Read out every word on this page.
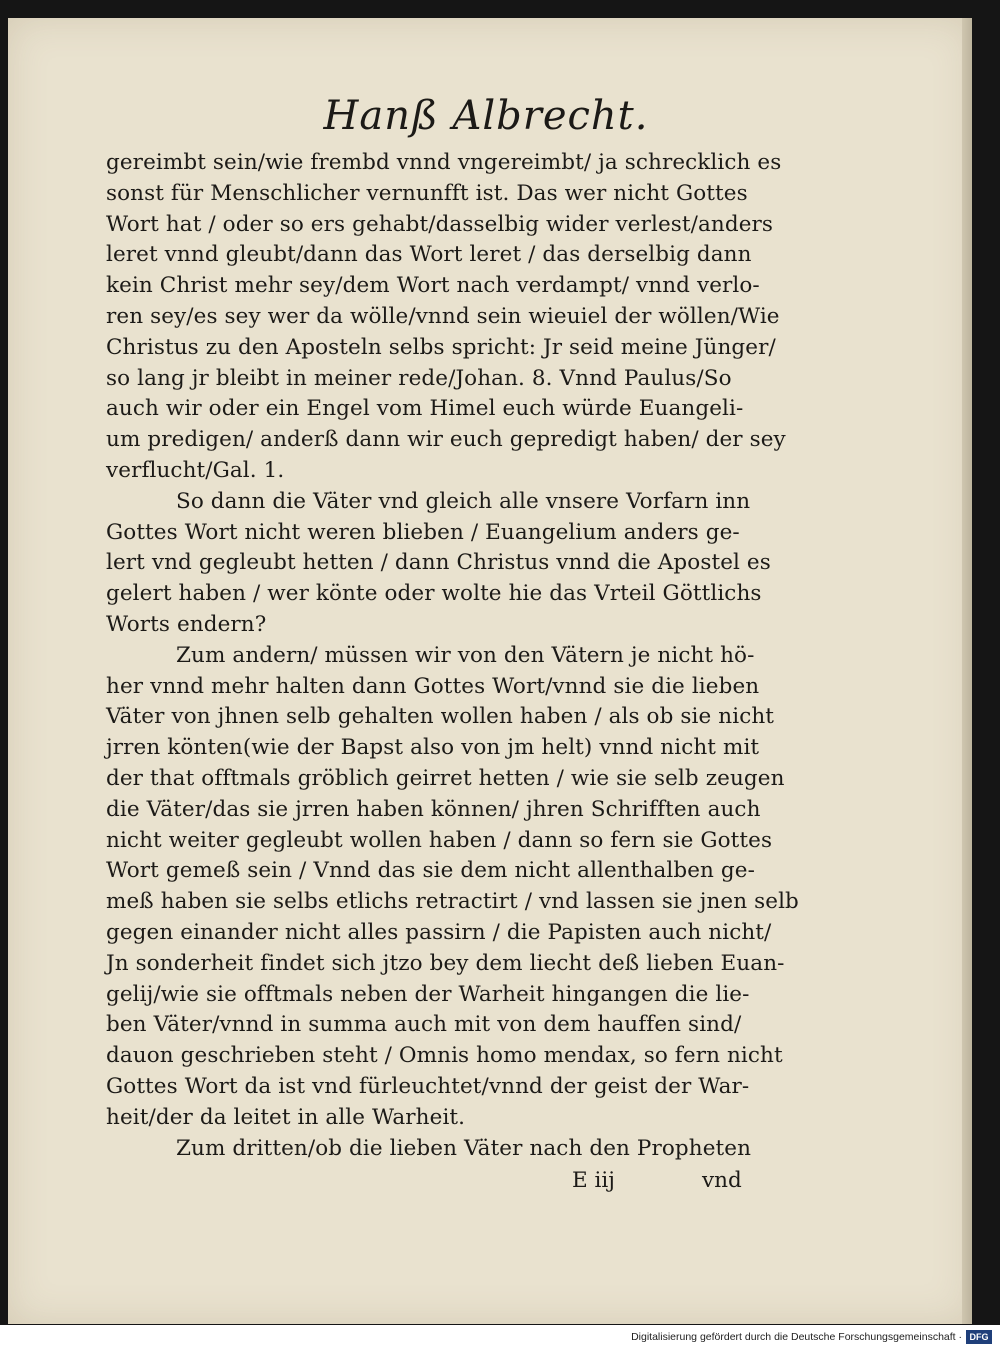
Hanß Albrecht.
gereimbt sein/wie frembd vnnd vngereimbt/ ja schrecklich es
sonst für Menschlicher vernunfft ist. Das wer nicht Gottes
Wort hat / oder so ers gehabt/dasselbig wider verlest/anders
leret vnnd gleubt/dann das Wort leret / das derselbig dann
kein Christ mehr sey/dem Wort nach verdampt/ vnnd verlo-
ren sey/es sey wer da wölle/vnnd sein wieuiel der wöllen/Wie
Christus zu den Aposteln selbs spricht: Jr seid meine Jünger/
so lang jr bleibt in meiner rede/Johan. 8. Vnnd Paulus/So
auch wir oder ein Engel vom Himel euch würde Euangeli-
um predigen/ anderß dann wir euch gepredigt haben/ der sey
verflucht/Gal. 1.
So dann die Väter vnd gleich alle vnsere Vorfarn inn
Gottes Wort nicht weren blieben / Euangelium anders ge-
lert vnd gegleubt hetten / dann Christus vnnd die Apostel es
gelert haben / wer könte oder wolte hie das Vrteil Göttlichs
Worts endern?
Zum andern/ müssen wir von den Vätern je nicht hö-
her vnnd mehr halten dann Gottes Wort/vnnd sie die lieben
Väter von jhnen selb gehalten wollen haben / als ob sie nicht
jrren könten(wie der Bapst also von jm helt) vnnd nicht mit
der that offtmals gröblich geirret hetten / wie sie selb zeugen
die Väter/das sie jrren haben können/ jhren Schrifften auch
nicht weiter gegleubt wollen haben / dann so fern sie Gottes
Wort gemeß sein / Vnnd das sie dem nicht allenthalben ge-
meß haben sie selbs etlichs retractirt / vnd lassen sie jnen selb
gegen einander nicht alles passirn / die Papisten auch nicht/
Jn sonderheit findet sich jtzo bey dem liecht deß lieben Euan-
gelij/wie sie offtmals neben der Warheit hingangen die lie-
ben Väter/vnnd in summa auch mit von dem hauffen sind/
dauon geschrieben steht / Omnis homo mendax, so fern nicht
Gottes Wort da ist vnd fürleuchtet/vnnd der geist der War-
heit/der da leitet in alle Warheit.
Zum dritten/ob die lieben Väter nach den Propheten
E iij	vnd
Digitalisierung gefördert durch die Deutsche Forschungsgemeinschaft · DFG
